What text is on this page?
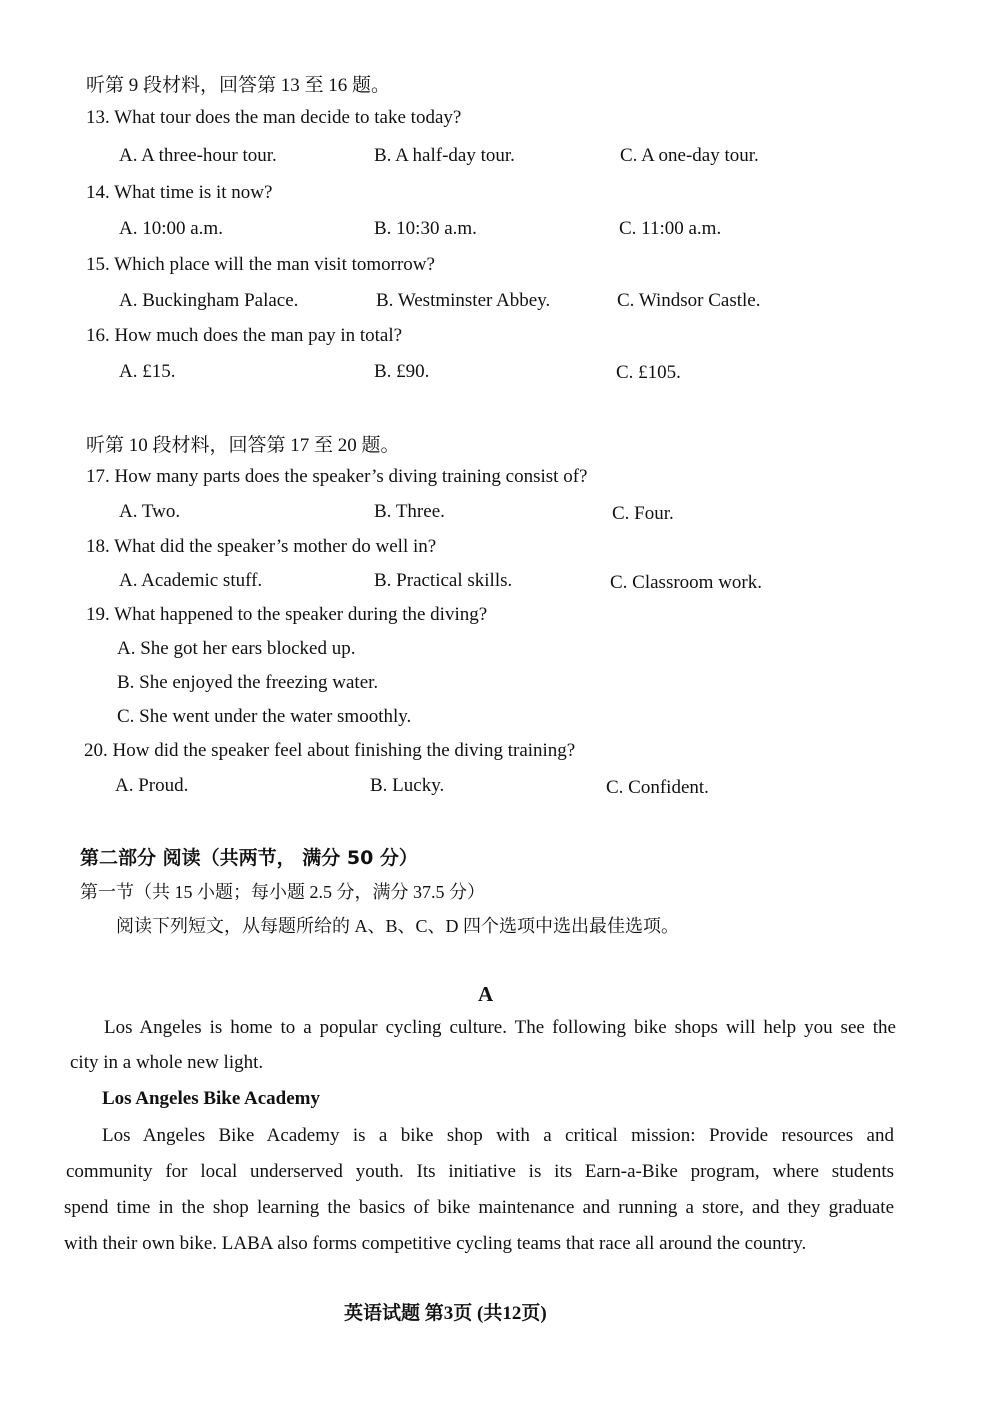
听第 9 段材料，回答第 13 至 16 题。
13. What tour does the man decide to take today?
A. A three-hour tour.	B. A half-day tour.	C. A one-day tour.
14. What time is it now?
A. 10:00 a.m.	B. 10:30 a.m.	C. 11:00 a.m.
15. Which place will the man visit tomorrow?
A. Buckingham Palace.	B. Westminster Abbey.	C. Windsor Castle.
16. How much does the man pay in total?
A. £15.	B. £90.	C. £105.
听第 10 段材料，回答第 17 至 20 题。
17. How many parts does the speaker’s diving training consist of?
A. Two.	B. Three.	C. Four.
18. What did the speaker’s mother do well in?
A. Academic stuff.	B. Practical skills.	C. Classroom work.
19. What happened to the speaker during the diving?
A. She got her ears blocked up.
B. She enjoyed the freezing water.
C. She went under the water smoothly.
20. How did the speaker feel about finishing the diving training?
A. Proud.	B. Lucky.	C. Confident.
第二部分 阅读（共两节， 满分 50 分）
第一节（共 15 小题；每小题 2.5 分，满分 37.5 分）
阅读下列短文，从每题所给的 A、B、C、D 四个选项中选出最佳选项。
A
Los Angeles is home to a popular cycling culture. The following bike shops will help you see the
city in a whole new light.
Los Angeles Bike Academy
Los Angeles Bike Academy is a bike shop with a critical mission: Provide resources and
community for local underserved youth. Its initiative is its Earn-a-Bike program, where students
spend time in the shop learning the basics of bike maintenance and running a store, and they graduate
with their own bike. LABA also forms competitive cycling teams that race all around the country.
英语试题 第3页 (共12页)
